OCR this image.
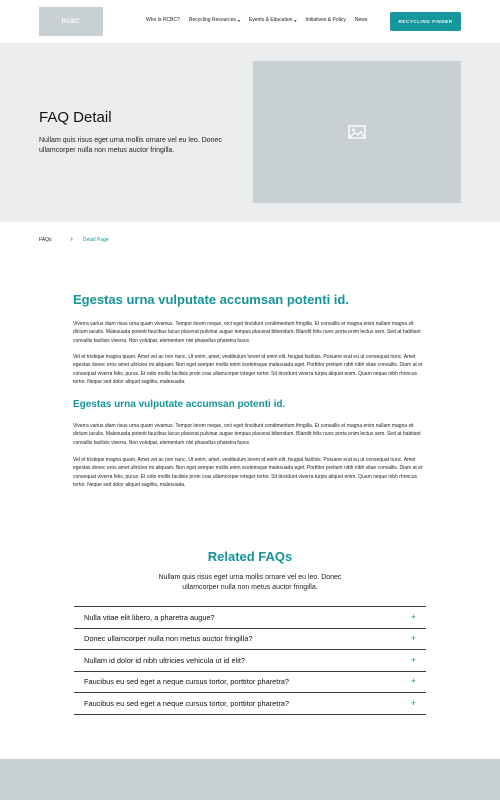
RCBC	Who Is RCBC? Recycling Resources ▾ Events & Education ▾ Initiatives & Policy News	RECYCLING FINDER
FAQ Detail
Nullam quis risus eget urna mollis ornare vel eu leo. Donec ullamcorper nulla non metus auctor fringilla.
FAQs	› Detail Page
Egestas urna vulputate accumsan potenti id.
Viverra varius diam risus urna quam vivamus. Tempor lorem neque, orci eget tincidunt condimentum fringilla. Et convallis et magna enim nullam magna sit dictum iaculis. Malesuada potenti faucibus lacus placerat pulvinar augue tempus placerat bibendum. Blandit felis nunc porta enim lectus sem. Sed at habitant convallis facilisis viverra. Non volutpat, elementum nisi phasellus pharetra fusce.
Vel et tristique magna quam. Amet vel ac non nunc. Ut enim, amet, vestibulum lorem id enim elit, feugiat facilisis. Posuere erat eu ut consequat nunc. Amet egestas donec eros amet ultricies mi aliquam. Non eget semper mollis enim scelerisque malesuada eget. Porttitor pretium nibh nibh vitae convallis. Diam at et consequat viverra felis, purus. Et odio mollis facilisis proin cras ullamcorper integer tortor. Sit tincidunt viverra turpis aliquet enim. Quam neque nibh rhoncus tortor. Neque sed dolor aliquet sagittis, malesuada.
Egestas urna vulputate accumsan potenti id.
Viverra varius diam risus urna quam vivamus. Tempor lorem neque, orci eget tincidunt condimentum fringilla. Et convallis et magna enim nullam magna sit dictum iaculis. Malesuada potenti faucibus lacus placerat pulvinar augue tempus placerat bibendum. Blandit felis nunc porta enim lectus sem. Sed at habitant convallis facilisis viverra. Non volutpat, elementum nisi phasellus pharetra fusce.
Vel et tristique magna quam. Amet vel ac non nunc. Ut enim, amet, vestibulum lorem id enim elit, feugiat facilisis. Posuere erat eu ut consequat nunc. Amet egestas donec eros amet ultricies mi aliquam. Non eget semper mollis enim scelerisque malesuada eget. Porttitor pretium nibh nibh vitae convallis. Diam at et consequat viverra felis, purus. Et odio mollis facilisis proin cras ullamcorper integer tortor. Sit tincidunt viverra turpis aliquet enim. Quam neque nibh rhoncus tortor. Neque sed dolor aliquet sagittis, malesuada.
Related FAQs
Nullam quis risus eget urna mollis ornare vel eu leo. Donec ullamcorper nulla non metus auctor fringilla.
Nulla vitae elit libero, a pharetra augue?	+
Donec ullamcorper nulla non metus auctor fringilla?	+
Nullam id dolor id nibh ultricies vehicula ut id elit?	+
Faucibus eu sed eget a neque cursus tortor, porttitor pharetra?	+
Faucibus eu sed eget a neque cursus tortor, porttitor pharetra?	+
